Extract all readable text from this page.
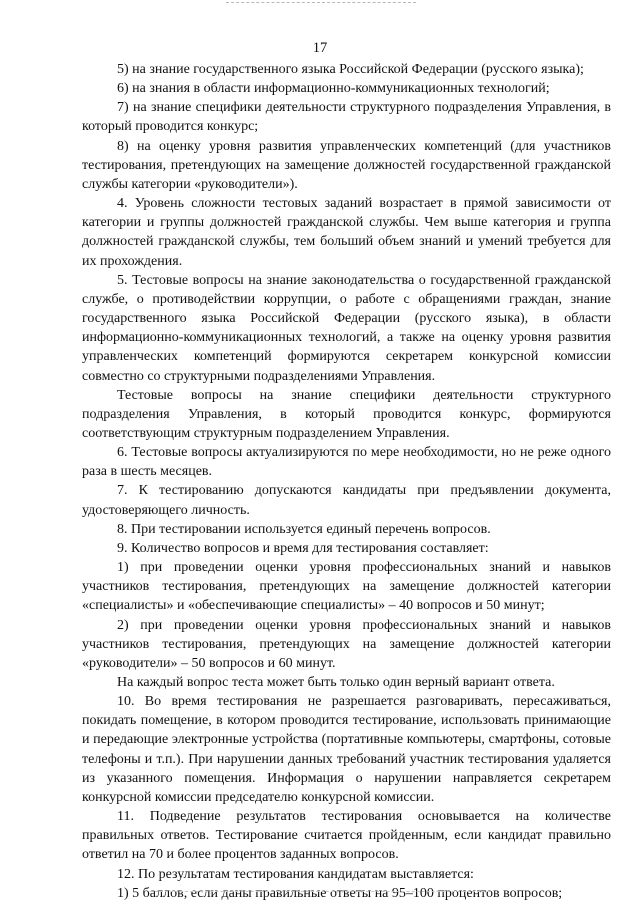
17

5) на знание государственного языка Российской Федерации (русского языка);

6) на знания в области информационно-коммуникационных технологий;

7) на знание специфики деятельности структурного подразделения Управления, в который проводится конкурс;

8) на оценку уровня развития управленческих компетенций (для участников тестирования, претендующих на замещение должностей государственной гражданской службы категории «руководители»).

4. Уровень сложности тестовых заданий возрастает в прямой зависимости от категории и группы должностей гражданской службы. Чем выше категория и группа должностей гражданской службы, тем больший объем знаний и умений требуется для их прохождения.

5. Тестовые вопросы на знание законодательства о государственной гражданской службе, о противодействии коррупции, о работе с обращениями граждан, знание государственного языка Российской Федерации (русского языка), в области информационно-коммуникационных технологий, а также на оценку уровня развития управленческих компетенций формируются секретарем конкурсной комиссии совместно со структурными подразделениями Управления.

Тестовые вопросы на знание специфики деятельности структурного подразделения Управления, в который проводится конкурс, формируются соответствующим структурным подразделением Управления.

6. Тестовые вопросы актуализируются по мере необходимости, но не реже одного раза в шесть месяцев.

7. К тестированию допускаются кандидаты при предъявлении документа, удостоверяющего личность.

8. При тестировании используется единый перечень вопросов.

9. Количество вопросов и время для тестирования составляет:

1) при проведении оценки уровня профессиональных знаний и навыков участников тестирования, претендующих на замещение должностей категории «специалисты» и «обеспечивающие специалисты» – 40 вопросов и 50 минут;

2) при проведении оценки уровня профессиональных знаний и навыков участников тестирования, претендующих на замещение должностей категории «руководители» – 50 вопросов и 60 минут.

На каждый вопрос теста может быть только один верный вариант ответа.

10. Во время тестирования не разрешается разговаривать, пересаживаться, покидать помещение, в котором проводится тестирование, использовать принимающие и передающие электронные устройства (портативные компьютеры, смартфоны, сотовые телефоны и т.п.). При нарушении данных требований участник тестирования удаляется из указанного помещения. Информация о нарушении направляется секретарем конкурсной комиссии председателю конкурсной комиссии.

11. Подведение результатов тестирования основывается на количестве правильных ответов. Тестирование считается пройденным, если кандидат правильно ответил на 70 и более процентов заданных вопросов.

12. По результатам тестирования кандидатам выставляется:

1) 5 баллов, если даны правильные ответы на 95–100 процентов вопросов;
